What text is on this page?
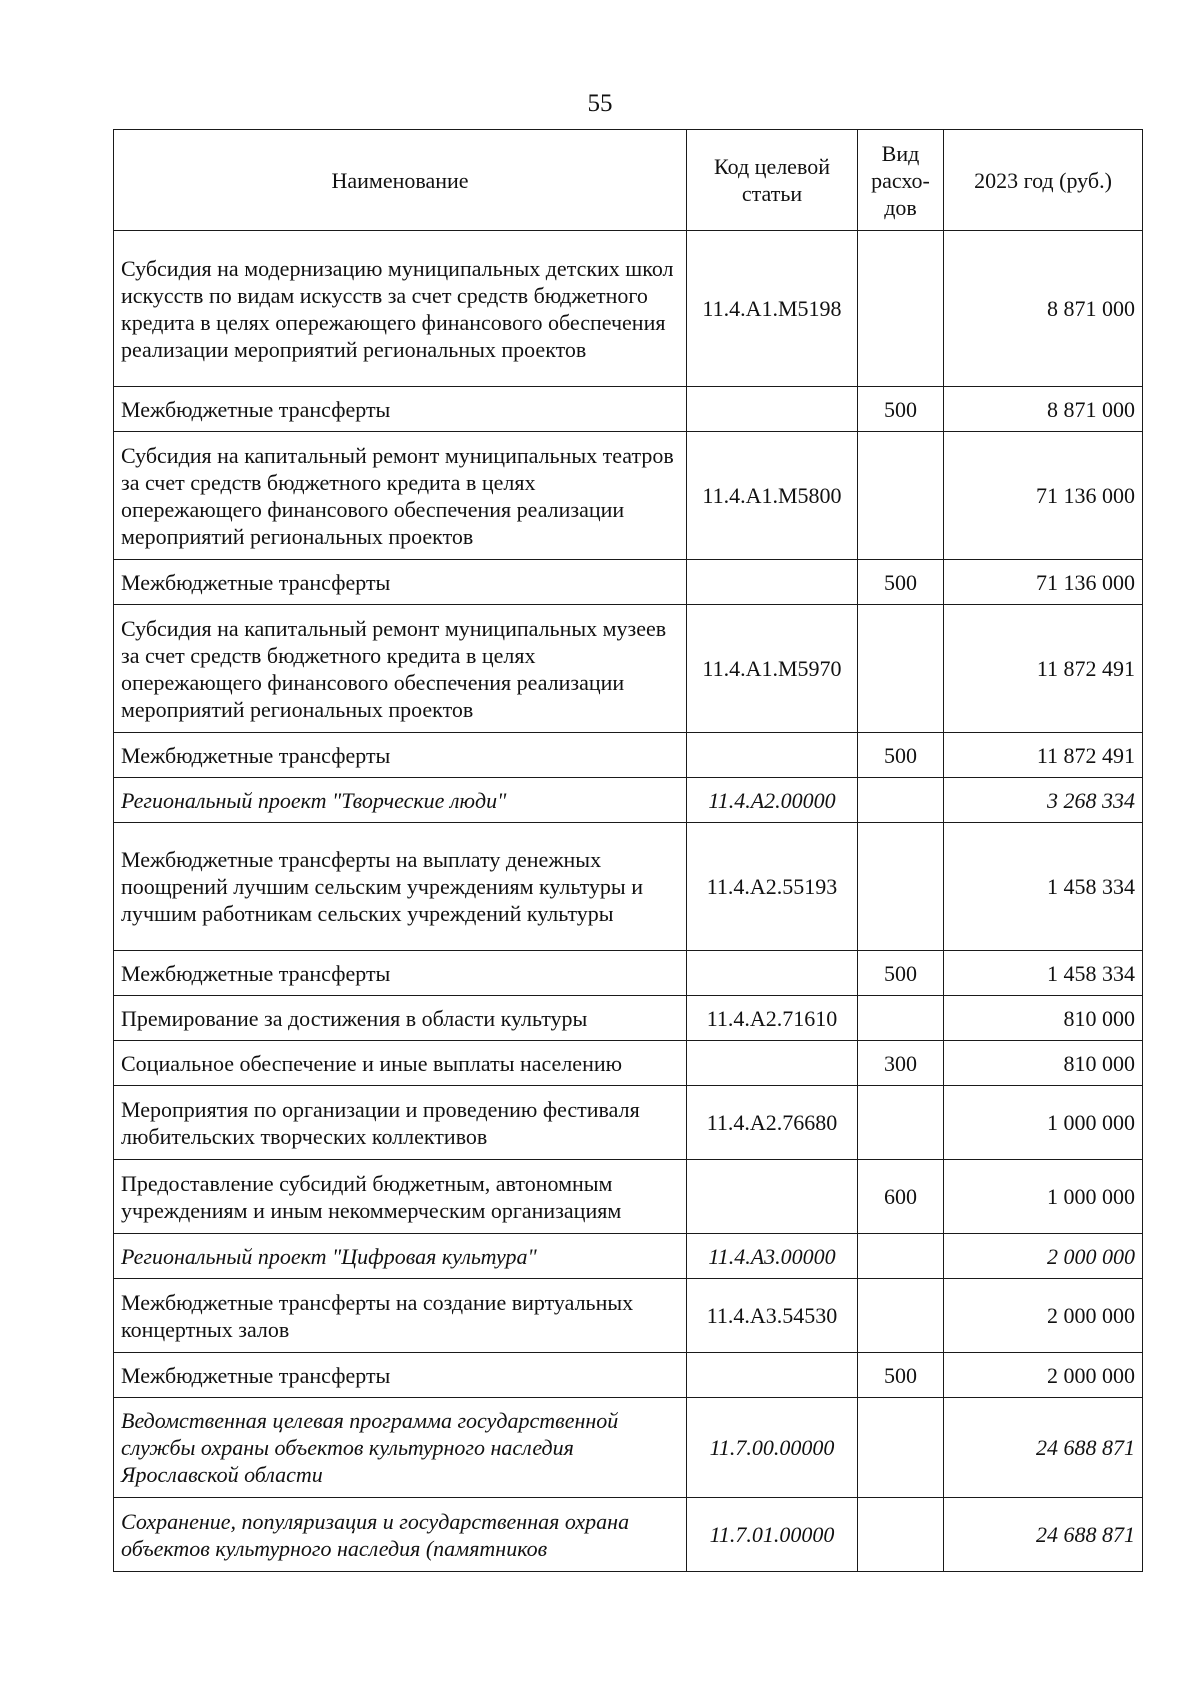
55
Наименование	Код целевой статьи	Вид расхо-дов	2023 год (руб.)
Субсидия на модернизацию муниципальных детских школ искусств по видам искусств за счет средств бюджетного кредита в целях опережающего финансового обеспечения реализации мероприятий региональных проектов	11.4.А1.М5198		8 871 000
Межбюджетные трансферты		500	8 871 000
Субсидия на капитальный ремонт муниципальных театров за счет средств бюджетного кредита в целях опережающего финансового обеспечения реализации мероприятий региональных проектов	11.4.А1.М5800		71 136 000
Межбюджетные трансферты		500	71 136 000
Субсидия на капитальный ремонт муниципальных музеев за счет средств бюджетного кредита в целях опережающего финансового обеспечения реализации мероприятий региональных проектов	11.4.А1.М5970		11 872 491
Межбюджетные трансферты		500	11 872 491
Региональный проект "Творческие люди"	11.4.А2.00000		3 268 334
Межбюджетные трансферты на выплату денежных поощрений лучшим сельским учреждениям культуры и лучшим работникам сельских учреждений культуры	11.4.А2.55193		1 458 334
Межбюджетные трансферты		500	1 458 334
Премирование за достижения в области культуры	11.4.А2.71610		810 000
Социальное обеспечение и иные выплаты населению		300	810 000
Мероприятия по организации и проведению фестиваля любительских творческих коллективов	11.4.А2.76680		1 000 000
Предоставление субсидий бюджетным, автономным учреждениям и иным некоммерческим организациям		600	1 000 000
Региональный проект "Цифровая культура"	11.4.А3.00000		2 000 000
Межбюджетные трансферты на создание виртуальных концертных залов	11.4.А3.54530		2 000 000
Межбюджетные трансферты		500	2 000 000
Ведомственная целевая программа государственной службы охраны объектов культурного наследия Ярославской области	11.7.00.00000		24 688 871
Сохранение, популяризация и государственная охрана объектов культурного наследия (памятников	11.7.01.00000		24 688 871
